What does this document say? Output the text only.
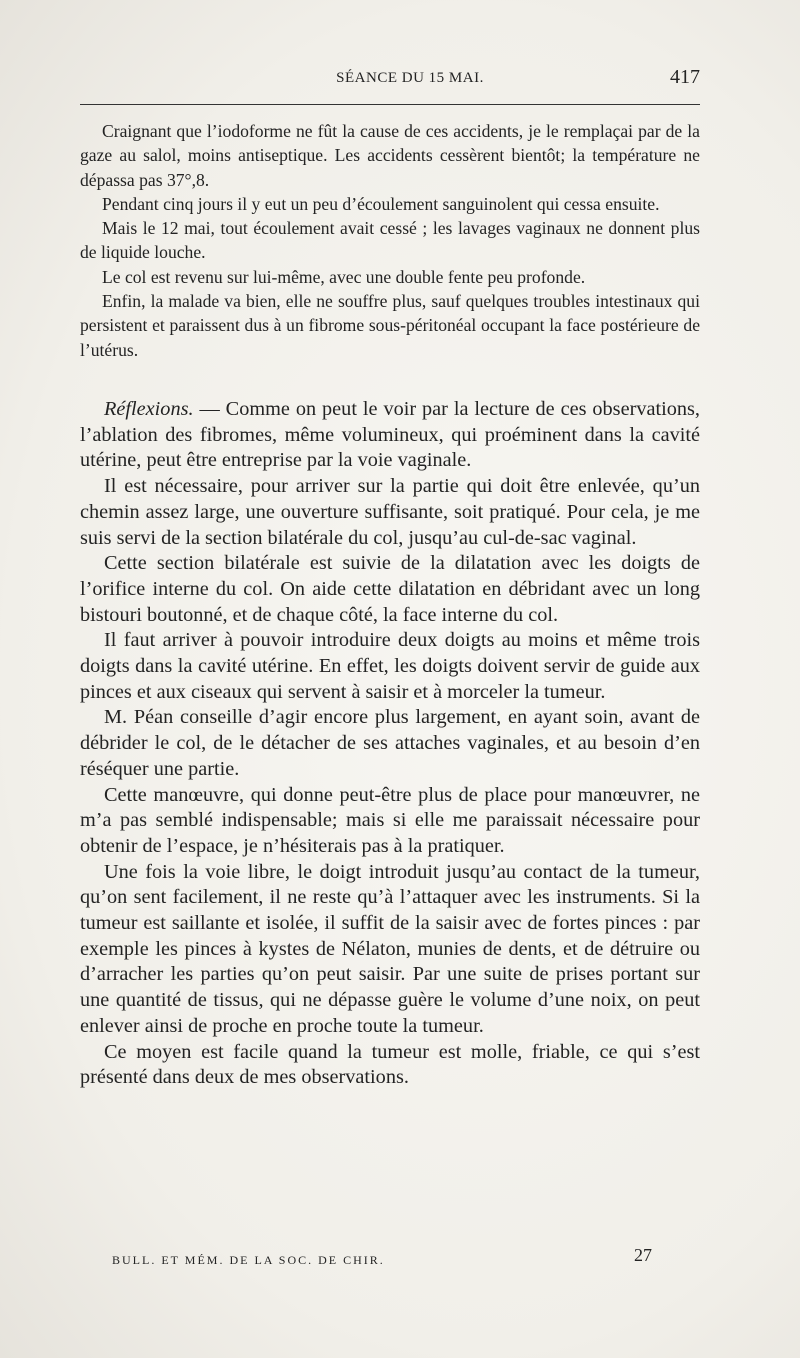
SÉANCE DU 15 MAI.	417

Craignant que l’iodoforme ne fût la cause de ces accidents, je le remplaçai par de la gaze au salol, moins antiseptique. Les accidents cessèrent bientôt; la température ne dépassa pas 37°,8.

Pendant cinq jours il y eut un peu d’écoulement sanguinolent qui cessa ensuite.

Mais le 12 mai, tout écoulement avait cessé ; les lavages vaginaux ne donnent plus de liquide louche.

Le col est revenu sur lui-même, avec une double fente peu profonde.

Enfin, la malade va bien, elle ne souffre plus, sauf quelques troubles intestinaux qui persistent et paraissent dus à un fibrome sous-péritonéal occupant la face postérieure de l’utérus.

Réflexions. — Comme on peut le voir par la lecture de ces observations, l’ablation des fibromes, même volumineux, qui proéminent dans la cavité utérine, peut être entreprise par la voie vaginale.

Il est nécessaire, pour arriver sur la partie qui doit être enlevée, qu’un chemin assez large, une ouverture suffisante, soit pratiqué. Pour cela, je me suis servi de la section bilatérale du col, jusqu’au cul-de-sac vaginal.

Cette section bilatérale est suivie de la dilatation avec les doigts de l’orifice interne du col. On aide cette dilatation en débridant avec un long bistouri boutonné, et de chaque côté, la face interne du col.

Il faut arriver à pouvoir introduire deux doigts au moins et même trois doigts dans la cavité utérine. En effet, les doigts doivent servir de guide aux pinces et aux ciseaux qui servent à saisir et à morceler la tumeur.

M. Péan conseille d’agir encore plus largement, en ayant soin, avant de débrider le col, de le détacher de ses attaches vaginales, et au besoin d’en réséquer une partie.

Cette manœuvre, qui donne peut-être plus de place pour manœuvrer, ne m’a pas semblé indispensable; mais si elle me paraissait nécessaire pour obtenir de l’espace, je n’hésiterais pas à la pratiquer.

Une fois la voie libre, le doigt introduit jusqu’au contact de la tumeur, qu’on sent facilement, il ne reste qu’à l’attaquer avec les instruments. Si la tumeur est saillante et isolée, il suffit de la saisir avec de fortes pinces : par exemple les pinces à kystes de Nélaton, munies de dents, et de détruire ou d’arracher les parties qu’on peut saisir. Par une suite de prises portant sur une quantité de tissus, qui ne dépasse guère le volume d’une noix, on peut enlever ainsi de proche en proche toute la tumeur.

Ce moyen est facile quand la tumeur est molle, friable, ce qui s’est présenté dans deux de mes observations.

BULL. ET MÉM. DE LA SOC. DE CHIR.	27
